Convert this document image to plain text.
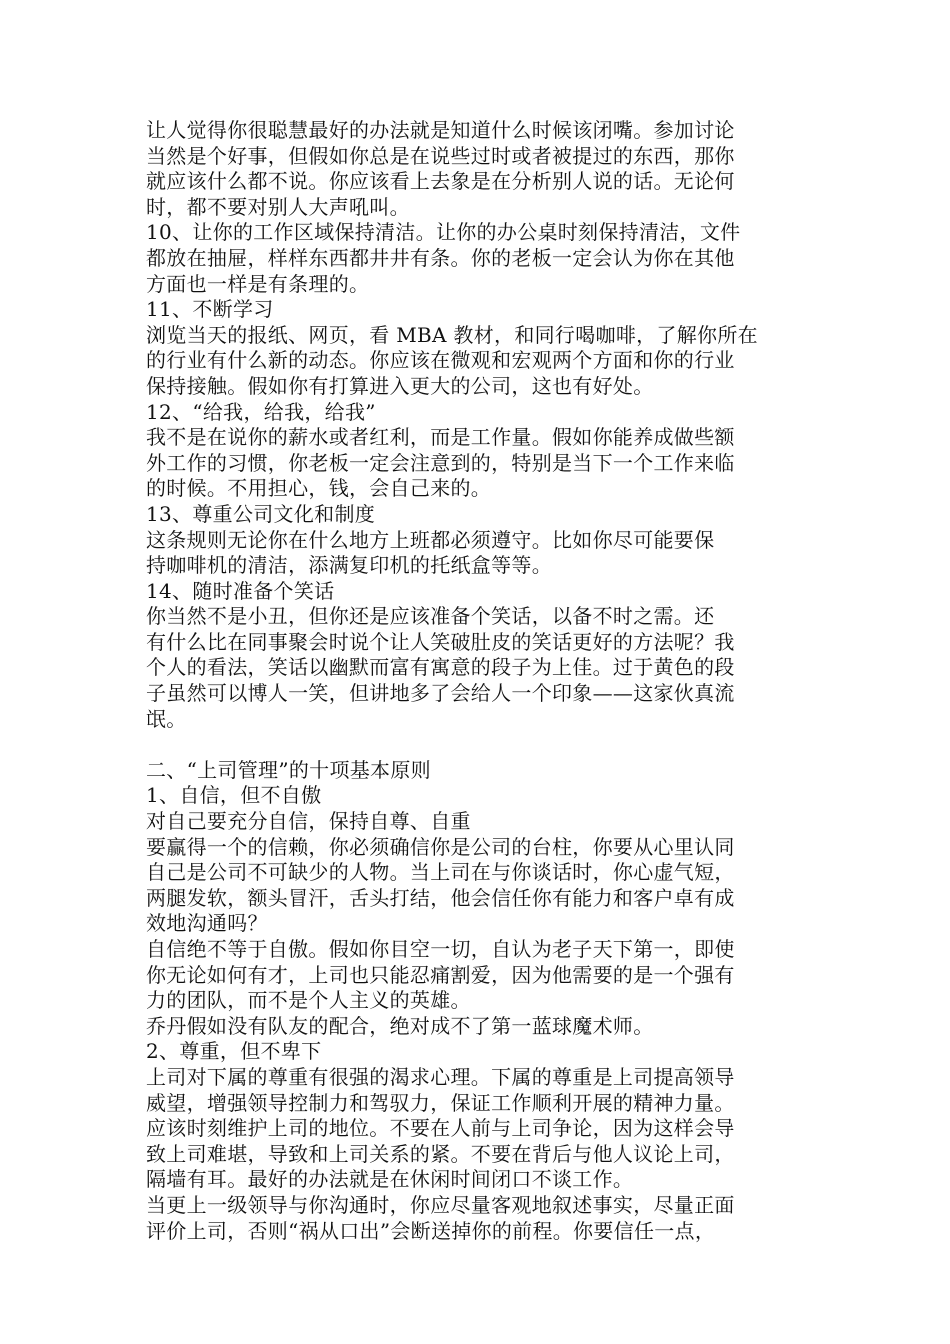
让人觉得你很聪慧最好的办法就是知道什么时候该闭嘴。参加讨论
当然是个好事，但假如你总是在说些过时或者被提过的东西，那你
就应该什么都不说。你应该看上去象是在分析别人说的话。无论何
时，都不要对别人大声吼叫。
10、让你的工作区域保持清洁。让你的办公桌时刻保持清洁，文件
都放在抽屉，样样东西都井井有条。你的老板一定会认为你在其他
方面也一样是有条理的。
11、不断学习
浏览当天的报纸、网页，看 MBA 教材，和同行喝咖啡，了解你所在
的行业有什么新的动态。你应该在微观和宏观两个方面和你的行业
保持接触。假如你有打算进入更大的公司，这也有好处。
12、“给我，给我，给我”
我不是在说你的薪水或者红利，而是工作量。假如你能养成做些额
外工作的习惯，你老板一定会注意到的，特别是当下一个工作来临
的时候。不用担心，钱，会自己来的。
13、尊重公司文化和制度
这条规则无论你在什么地方上班都必须遵守。比如你尽可能要保
持咖啡机的清洁，添满复印机的托纸盒等等。
14、随时准备个笑话
你当然不是小丑，但你还是应该准备个笑话，以备不时之需。还
有什么比在同事聚会时说个让人笑破肚皮的笑话更好的方法呢？我
个人的看法，笑话以幽默而富有寓意的段子为上佳。过于黄色的段
子虽然可以博人一笑，但讲地多了会给人一个印象——这家伙真流
氓。
二、“上司管理”的十项基本原则
1、自信，但不自傲
对自己要充分自信，保持自尊、自重
要赢得一个的信赖，你必须确信你是公司的台柱，你要从心里认同
自己是公司不可缺少的人物。当上司在与你谈话时，你心虚气短，
两腿发软，额头冒汗，舌头打结，他会信任你有能力和客户卓有成
效地沟通吗？
自信绝不等于自傲。假如你目空一切，自认为老子天下第一，即使
你无论如何有才，上司也只能忍痛割爱，因为他需要的是一个强有
力的团队，而不是个人主义的英雄。
乔丹假如没有队友的配合，绝对成不了第一蓝球魔术师。
2、尊重，但不卑下
上司对下属的尊重有很强的渴求心理。下属的尊重是上司提高领导
威望，增强领导控制力和驾驭力，保证工作顺利开展的精神力量。
应该时刻维护上司的地位。不要在人前与上司争论，因为这样会导
致上司难堪，导致和上司关系的紧。不要在背后与他人议论上司，
隔墙有耳。最好的办法就是在休闲时间闭口不谈工作。
当更上一级领导与你沟通时，你应尽量客观地叙述事实，尽量正面
评价上司，否则“祸从口出”会断送掉你的前程。你要信任一点，
